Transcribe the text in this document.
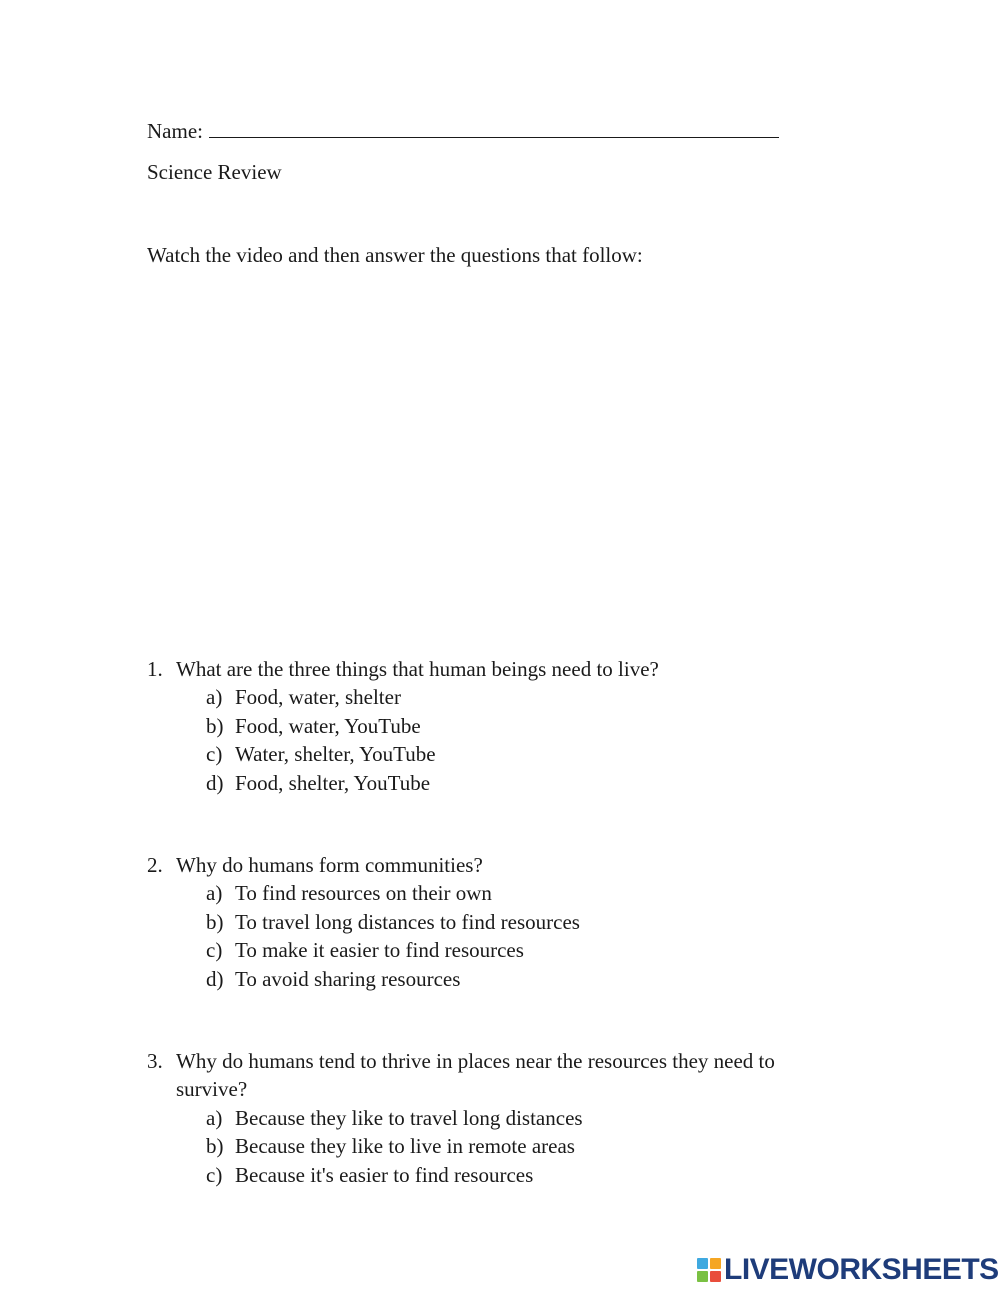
Name:
Science Review
Watch the video and then answer the questions that follow:
1. What are the three things that human beings need to live?
a) Food, water, shelter
b) Food, water, YouTube
c) Water, shelter, YouTube
d) Food, shelter, YouTube
2. Why do humans form communities?
a) To find resources on their own
b) To travel long distances to find resources
c) To make it easier to find resources
d) To avoid sharing resources
3. Why do humans tend to thrive in places near the resources they need to survive?
a) Because they like to travel long distances
b) Because they like to live in remote areas
c) Because it's easier to find resources
LIVEWORKSHEETS
